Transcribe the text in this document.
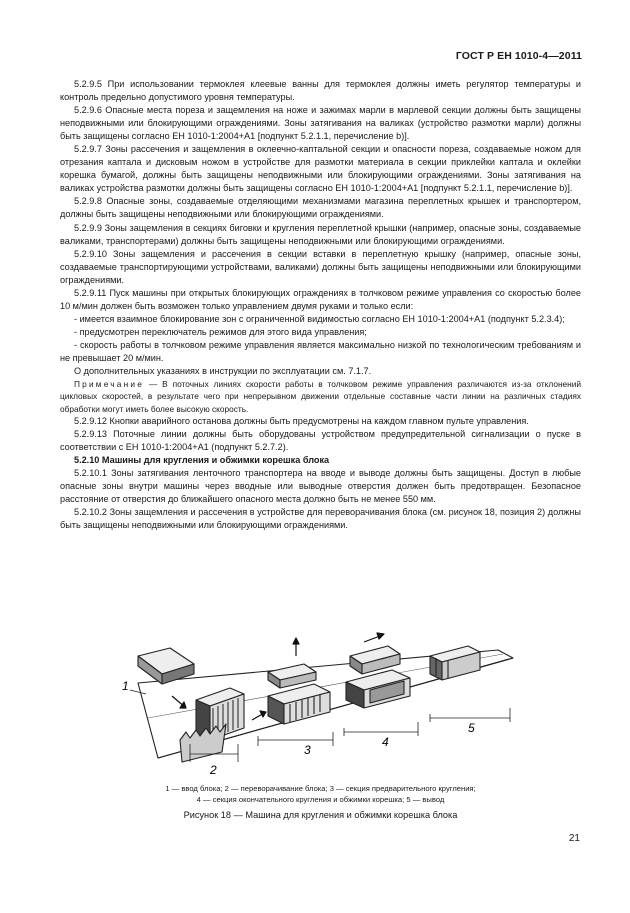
ГОСТ Р ЕН 1010-4—2011

5.2.9.5 При использовании термоклея клеевые ванны для термоклея должны иметь регулятор температуры и контроль предельно допустимого уровня температуры.

5.2.9.6 Опасные места пореза и защемления на ноже и зажимах марли в марлевой секции должны быть защищены неподвижными или блокирующими ограждениями. Зоны затягивания на валиках (устройство размотки марли) должны быть защищены согласно ЕН 1010-1:2004+А1 [подпункт 5.2.1.1, перечисление b)].

5.2.9.7 Зоны рассечения и защемления в оклеечно-каптальной секции и опасности пореза, создаваемые ножом для отрезания каптала и дисковым ножом в устройстве для размотки материала в секции приклейки каптала и оклейки корешка бумагой, должны быть защищены неподвижными или блокирующими ограждениями. Зоны затягивания на валиках устройства размотки должны быть защищены согласно ЕН 1010-1:2004+А1 [подпункт 5.2.1.1, перечисление b)].

5.2.9.8 Опасные зоны, создаваемые отделяющими механизмами магазина переплетных крышек и транспортером, должны быть защищены неподвижными или блокирующими ограждениями.

5.2.9.9 Зоны защемления в секциях биговки и кругления переплетной крышки (например, опасные зоны, создаваемые валиками, транспортерами) должны быть защищены неподвижными или блокирующими ограждениями.

5.2.9.10 Зоны защемления и рассечения в секции вставки в переплетную крышку (например, опасные зоны, создаваемые транспортирующими устройствами, валиками) должны быть защищены неподвижными или блокирующими ограждениями.

5.2.9.11 Пуск машины при открытых блокирующих ограждениях в толчковом режиме управления со скоростью более 10 м/мин должен быть возможен только управлением двумя руками и только если:

- имеется взаимное блокирование зон с ограниченной видимостью согласно ЕН 1010-1:2004+А1 (подпункт 5.2.3.4);

- предусмотрен переключатель режимов для этого вида управления;

- скорость работы в толчковом режиме управления является максимально низкой по технологическим требованиям и не превышает 20 м/мин.

О дополнительных указаниях в инструкции по эксплуатации см. 7.1.7.

Примечание — В поточных линиях скорости работы в толчковом режиме управления различаются из-за отклонений цикловых скоростей, в результате чего при непрерывном движении отдельные составные части линии на различных стадиях обработки могут иметь более высокую скорость.

5.2.9.12 Кнопки аварийного останова должны быть предусмотрены на каждом главном пульте управления.

5.2.9.13 Поточные линии должны быть оборудованы устройством предупредительной сигнализации о пуске в соответствии с ЕН 1010-1:2004+А1 (подпункт 5.2.7.2).

5.2.10 Машины для кругления и обжимки корешка блока

5.2.10.1 Зоны затягивания ленточного транспортера на вводе и выводе должны быть защищены. Доступ в любые опасные зоны внутри машины через вводные или выводные отверстия должен быть предотвращен. Безопасное расстояние от отверстия до ближайшего опасного места должно быть не менее 550 мм.

5.2.10.2 Зоны защемления и рассечения в устройстве для переворачивания блока (см. рисунок 18, позиция 2) должны быть защищены неподвижными или блокирующими ограждениями.

1
2
3
4
5
1 — ввод блока; 2 — переворачивание блока; 3 — секция предварительного кругления;
4 — секция окончательного кругления и обжимки корешка; 5 — вывод
Рисунок 18 — Машина для кругления и обжимки корешка блока
21
